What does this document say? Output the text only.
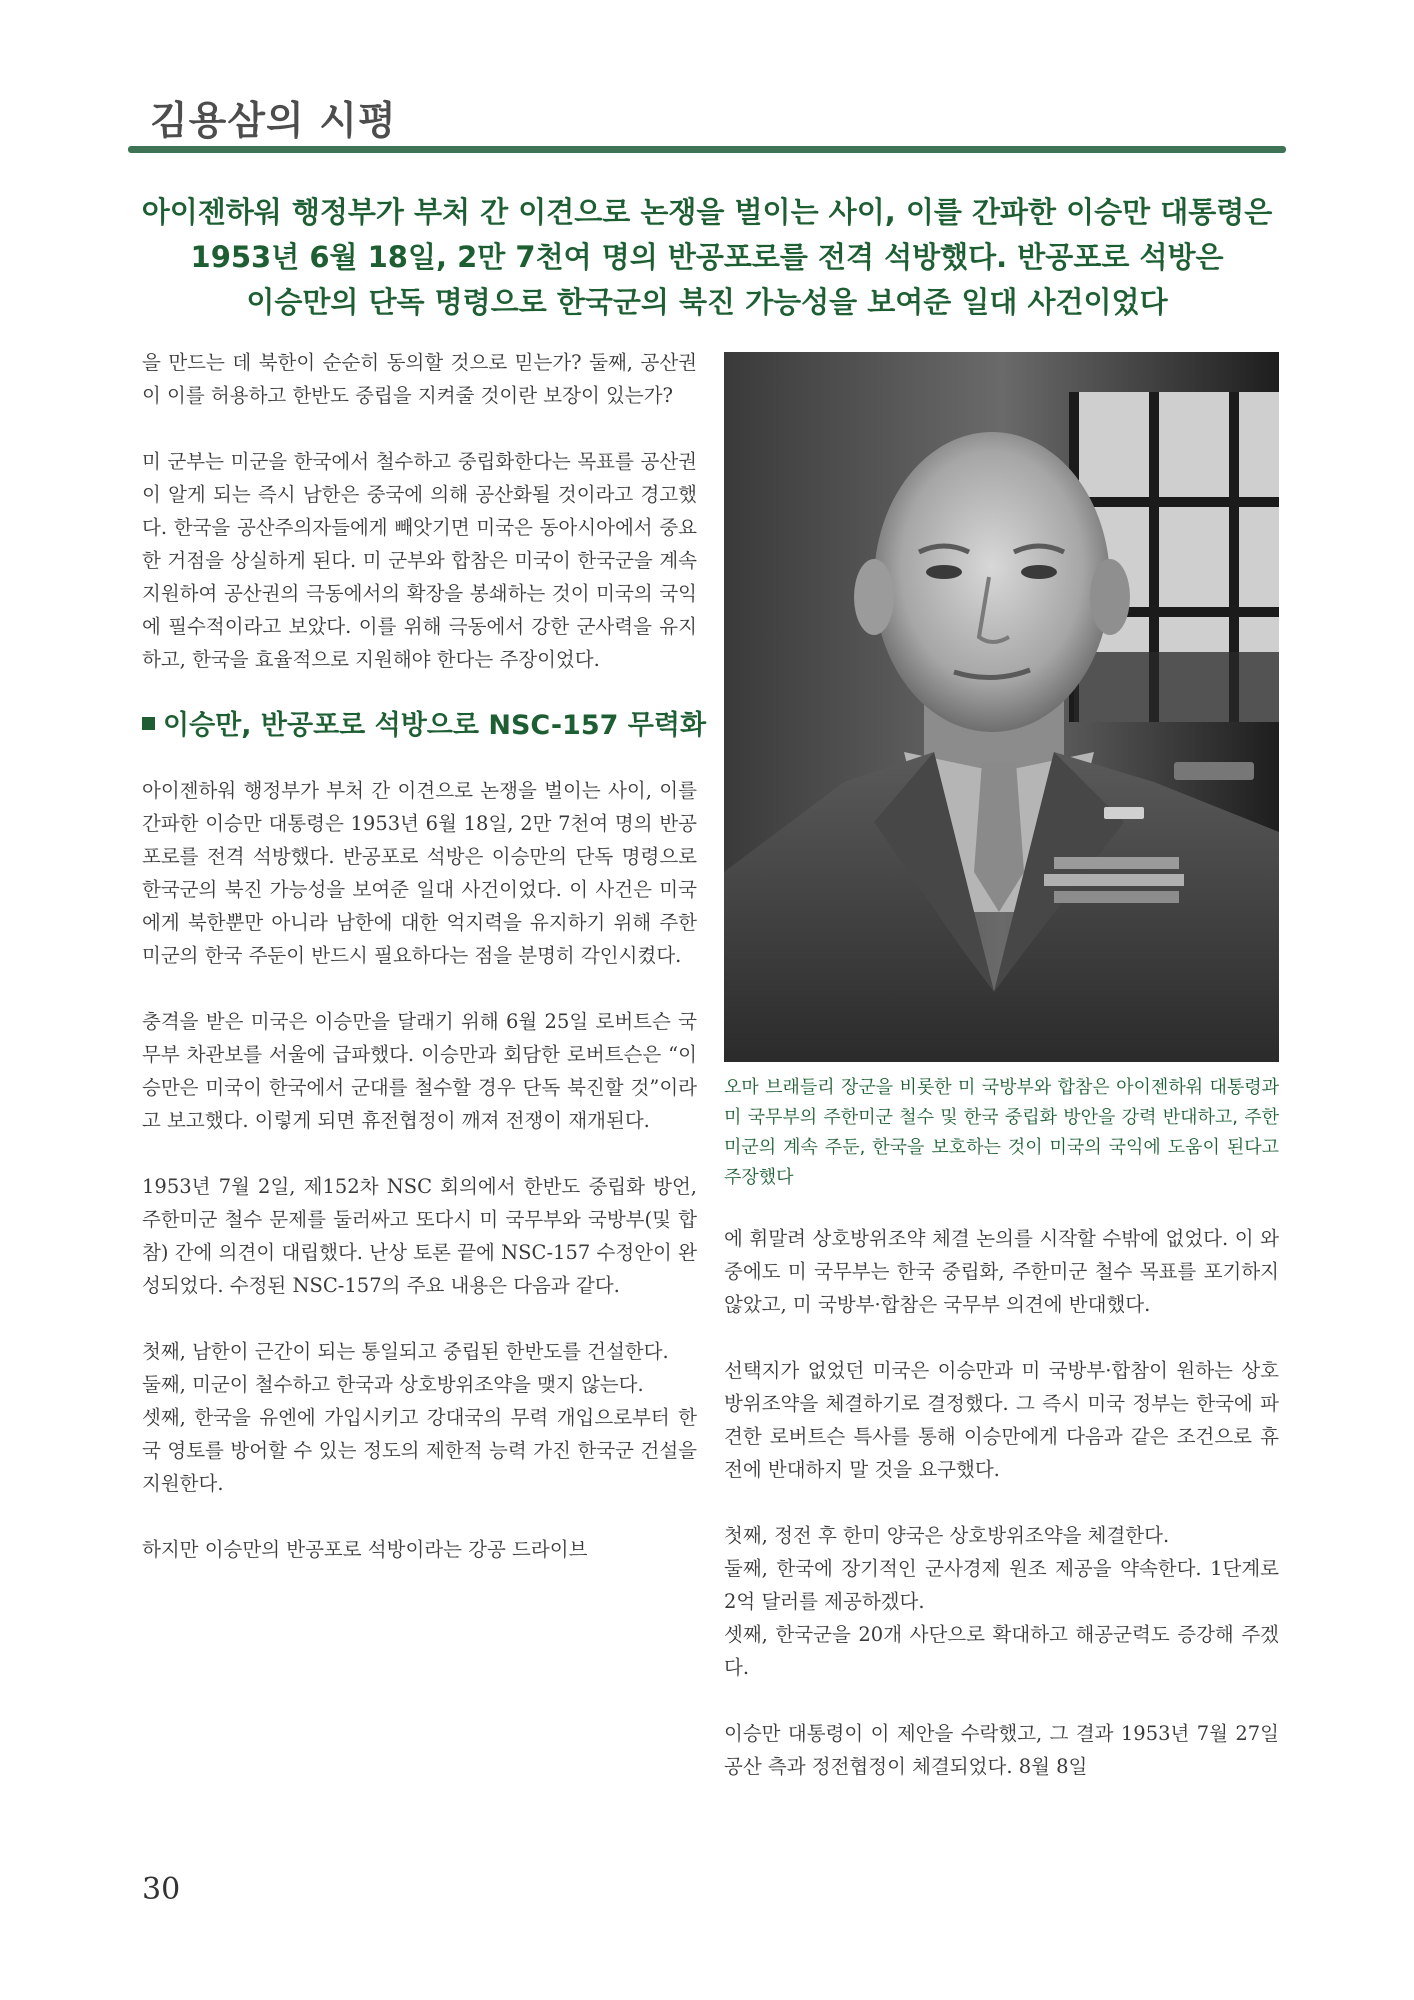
김용삼의 시평
아이젠하워 행정부가 부처 간 이견으로 논쟁을 벌이는 사이, 이를 간파한 이승만 대통령은
1953년 6월 18일, 2만 7천여 명의 반공포로를 전격 석방했다. 반공포로 석방은
이승만의 단독 명령으로 한국군의 북진 가능성을 보여준 일대 사건이었다

을 만드는 데 북한이 순순히 동의할 것으로 믿는가? 둘째, 공산권이 이를 허용하고 한반도 중립을 지켜줄 것이란 보장이 있는가?

미 군부는 미군을 한국에서 철수하고 중립화한다는 목표를 공산권이 알게 되는 즉시 남한은 중국에 의해 공산화될 것이라고 경고했다. 한국을 공산주의자들에게 빼앗기면 미국은 동아시아에서 중요한 거점을 상실하게 된다. 미 군부와 합참은 미국이 한국군을 계속 지원하여 공산권의 극동에서의 확장을 봉쇄하는 것이 미국의 국익에 필수적이라고 보았다. 이를 위해 극동에서 강한 군사력을 유지하고, 한국을 효율적으로 지원해야 한다는 주장이었다.

이승만, 반공포로 석방으로 NSC-157 무력화

아이젠하워 행정부가 부처 간 이견으로 논쟁을 벌이는 사이, 이를 간파한 이승만 대통령은 1953년 6월 18일, 2만 7천여 명의 반공포로를 전격 석방했다. 반공포로 석방은 이승만의 단독 명령으로 한국군의 북진 가능성을 보여준 일대 사건이었다. 이 사건은 미국에게 북한뿐만 아니라 남한에 대한 억지력을 유지하기 위해 주한미군의 한국 주둔이 반드시 필요하다는 점을 분명히 각인시켰다.

충격을 받은 미국은 이승만을 달래기 위해 6월 25일 로버트슨 국무부 차관보를 서울에 급파했다. 이승만과 회담한 로버트슨은 “이승만은 미국이 한국에서 군대를 철수할 경우 단독 북진할 것”이라고 보고했다. 이렇게 되면 휴전협정이 깨져 전쟁이 재개된다.

1953년 7월 2일, 제152차 NSC 회의에서 한반도 중립화 방언, 주한미군 철수 문제를 둘러싸고 또다시 미 국무부와 국방부(및 합참) 간에 의견이 대립했다. 난상 토론 끝에 NSC-157 수정안이 완성되었다. 수정된 NSC-157의 주요 내용은 다음과 같다.

첫째, 남한이 근간이 되는 통일되고 중립된 한반도를 건설한다.

둘째, 미군이 철수하고 한국과 상호방위조약을 맺지 않는다.

셋째, 한국을 유엔에 가입시키고 강대국의 무력 개입으로부터 한국 영토를 방어할 수 있는 정도의 제한적 능력 가진 한국군 건설을 지원한다.

하지만 이승만의 반공포로 석방이라는 강공 드라이브

오마 브래들리 장군을 비롯한 미 국방부와 합참은 아이젠하워 대통령과 미 국무부의 주한미군 철수 및 한국 중립화 방안을 강력 반대하고, 주한미군의 계속 주둔, 한국을 보호하는 것이 미국의 국익에 도움이 된다고 주장했다

에 휘말려 상호방위조약 체결 논의를 시작할 수밖에 없었다. 이 와중에도 미 국무부는 한국 중립화, 주한미군 철수 목표를 포기하지 않았고, 미 국방부·합참은 국무부 의견에 반대했다.

선택지가 없었던 미국은 이승만과 미 국방부·합참이 원하는 상호방위조약을 체결하기로 결정했다. 그 즉시 미국 정부는 한국에 파견한 로버트슨 특사를 통해 이승만에게 다음과 같은 조건으로 휴전에 반대하지 말 것을 요구했다.

첫째, 정전 후 한미 양국은 상호방위조약을 체결한다.

둘째, 한국에 장기적인 군사경제 원조 제공을 약속한다. 1단계로 2억 달러를 제공하겠다.

셋째, 한국군을 20개 사단으로 확대하고 해공군력도 증강해 주겠다.

이승만 대통령이 이 제안을 수락했고, 그 결과 1953년 7월 27일 공산 측과 정전협정이 체결되었다. 8월 8일

30
